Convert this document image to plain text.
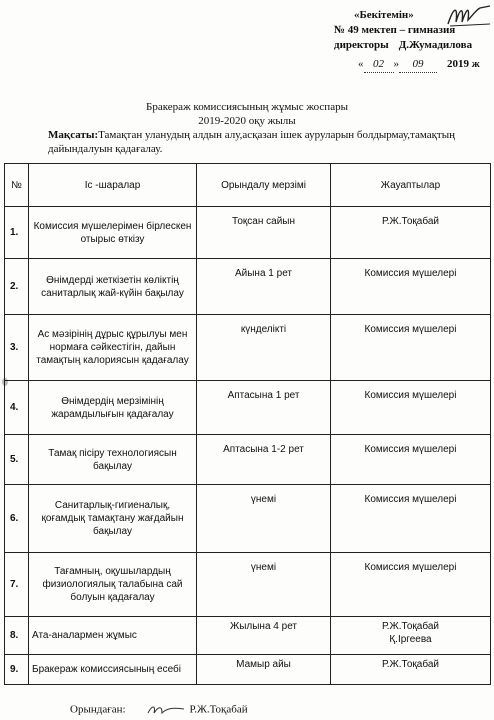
«Бекітемін»
№ 49 мектеп – гимназия
директоры Д.Жумадилова
« 02 » 09 2019 ж
Бракераж комиссиясының жұмыс жоспары
2019-2020 оқу жылы
Мақсаты:Тамақтан уланудың алдын алу,асқазан ішек ауруларын болдырмау,тамақтың дайындалуын қадағалау.
№	Іс -шаралар	Орындалу мерзімі	Жауаптылар
1.	Комиссия мүшелерімен бірлескен отырыс өткізу	Тоқсан сайын	Р.Ж.Тоқабай
2.	Өнімдерді жеткізетін көліктің санитарлық жай-күйін бақылау	Айына 1 рет	Комиссия мүшелері
3.	Ас мәзірінің дұрыс құрылуы мен нормаға сәйкестігін, дайын тамақтың калориясын қадағалау	күнделікті	Комиссия мүшелері
4.	Өнімдердің мерзімінің жарамдылығын қадағалау	Аптасына 1 рет	Комиссия мүшелері
5.	Тамақ пісіру технологиясын бақылау	Аптасына 1-2 рет	Комиссия мүшелері
6.	Санитарлық-гигиеналық, қоғамдық тамақтану жағдайын бақылау	үнемі	Комиссия мүшелері
7.	Тағамның, оқушылардың физиологиялық талабына сай болуын қадағалау	үнемі	Комиссия мүшелері
8.	Ата-аналармен жұмыс	Жылына 4 рет	Р.Ж.Тоқабай
Қ.Іргеева
9.	Бракераж комиссиясының есебі	Мамыр айы	Р.Ж.Тоқабай
Орындаған:	Р.Ж.Тоқабай
